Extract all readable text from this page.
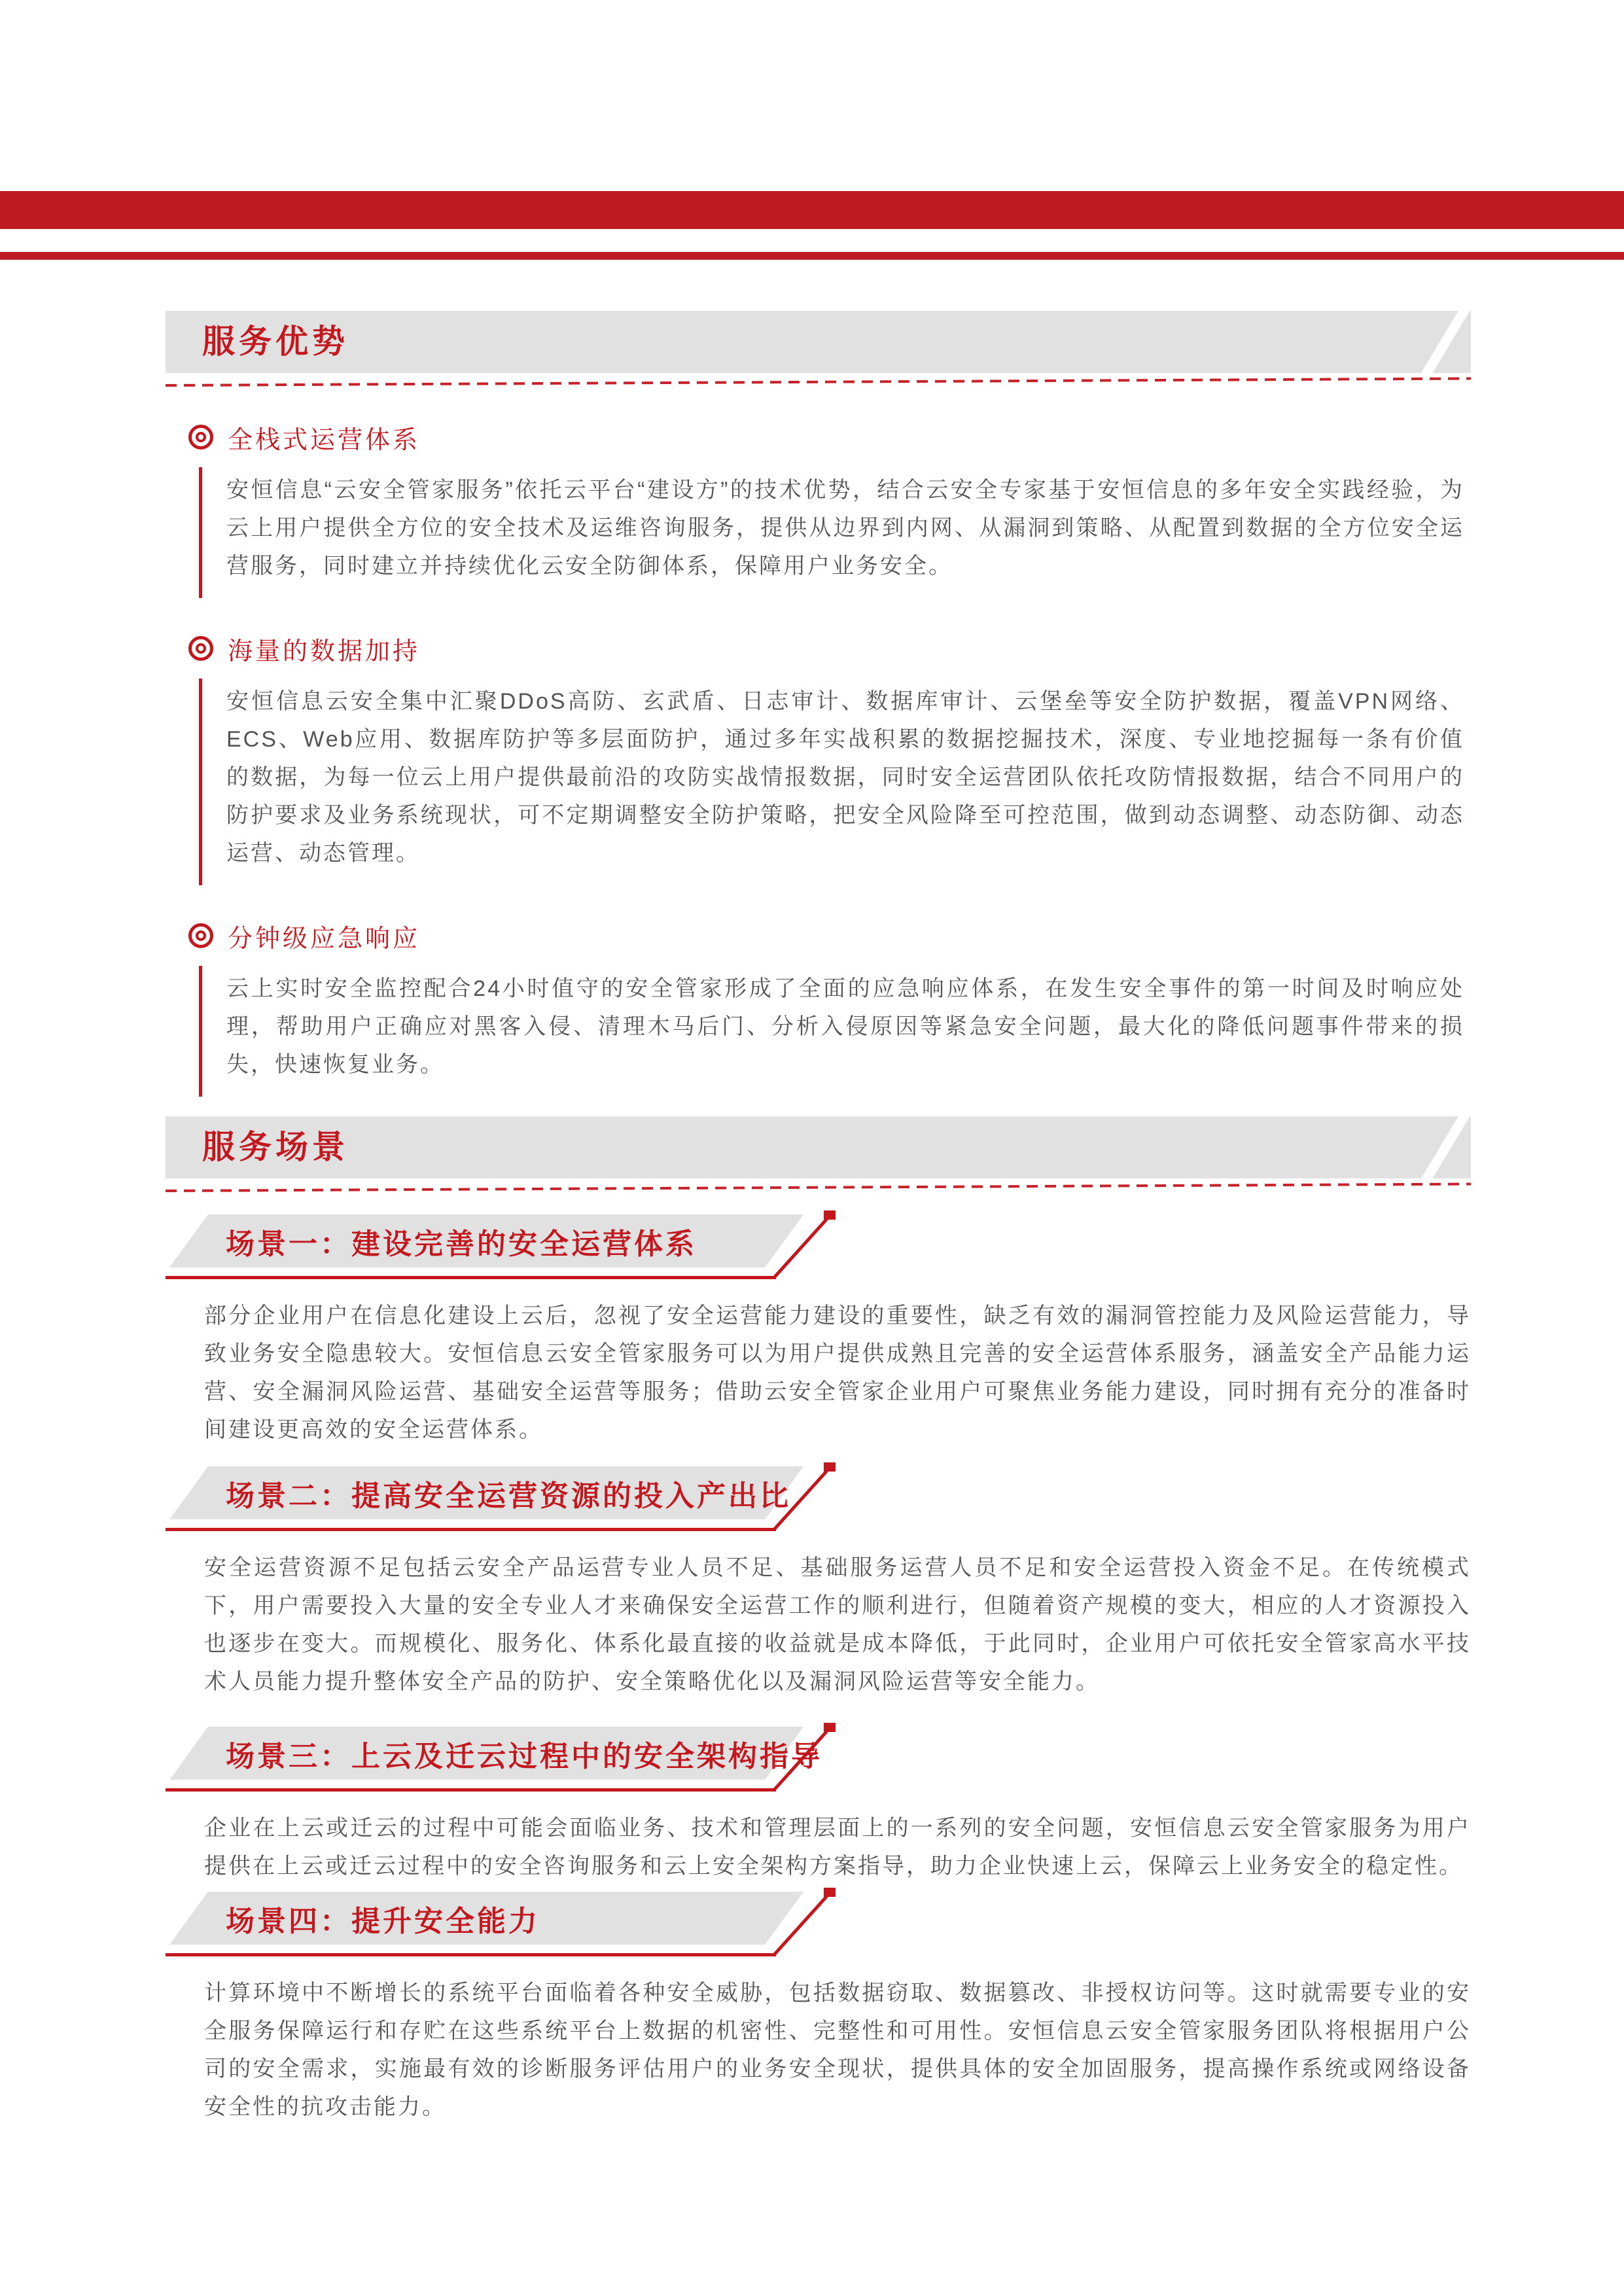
服务优势
全栈式运营体系

安恒信息“云安全管家服务”依托云平台“建设方”的技术优势，结合云安全专家基于安恒信息的多年安全实践经验，为云上用户提供全方位的安全技术及运维咨询服务，提供从边界到内网、从漏洞到策略、从配置到数据的全方位安全运营服务，同时建立并持续优化云安全防御体系，保障用户业务安全。

海量的数据加持

安恒信息云安全集中汇聚DDoS高防、玄武盾、日志审计、数据库审计、云堡垒等安全防护数据，覆盖VPN网络、ECS、Web应用、数据库防护等多层面防护，通过多年实战积累的数据挖掘技术，深度、专业地挖掘每一条有价值的数据，为每一位云上用户提供最前沿的攻防实战情报数据，同时安全运营团队依托攻防情报数据，结合不同用户的防护要求及业务系统现状，可不定期调整安全防护策略，把安全风险降至可控范围，做到动态调整、动态防御、动态运营、动态管理。

分钟级应急响应

云上实时安全监控配合24小时值守的安全管家形成了全面的应急响应体系，在发生安全事件的第一时间及时响应处理，帮助用户正确应对黑客入侵、清理木马后门、分析入侵原因等紧急安全问题，最大化的降低问题事件带来的损失，快速恢复业务。

服务场景
场景一：建设完善的安全运营体系

部分企业用户在信息化建设上云后，忽视了安全运营能力建设的重要性，缺乏有效的漏洞管控能力及风险运营能力，导致业务安全隐患较大。安恒信息云安全管家服务可以为用户提供成熟且完善的安全运营体系服务，涵盖安全产品能力运营、安全漏洞风险运营、基础安全运营等服务；借助云安全管家企业用户可聚焦业务能力建设，同时拥有充分的准备时间建设更高效的安全运营体系。

场景二：提高安全运营资源的投入产出比

安全运营资源不足包括云安全产品运营专业人员不足、基础服务运营人员不足和安全运营投入资金不足。在传统模式下，用户需要投入大量的安全专业人才来确保安全运营工作的顺利进行，但随着资产规模的变大，相应的人才资源投入也逐步在变大。而规模化、服务化、体系化最直接的收益就是成本降低，于此同时，企业用户可依托安全管家高水平技术人员能力提升整体安全产品的防护、安全策略优化以及漏洞风险运营等安全能力。

场景三：上云及迁云过程中的安全架构指导

企业在上云或迁云的过程中可能会面临业务、技术和管理层面上的一系列的安全问题，安恒信息云安全管家服务为用户提供在上云或迁云过程中的安全咨询服务和云上安全架构方案指导，助力企业快速上云，保障云上业务安全的稳定性。

场景四：提升安全能力

计算环境中不断增长的系统平台面临着各种安全威胁，包括数据窃取、数据篡改、非授权访问等。这时就需要专业的安全服务保障运行和存贮在这些系统平台上数据的机密性、完整性和可用性。安恒信息云安全管家服务团队将根据用户公司的安全需求，实施最有效的诊断服务评估用户的业务安全现状，提供具体的安全加固服务，提高操作系统或网络设备安全性的抗攻击能力。
